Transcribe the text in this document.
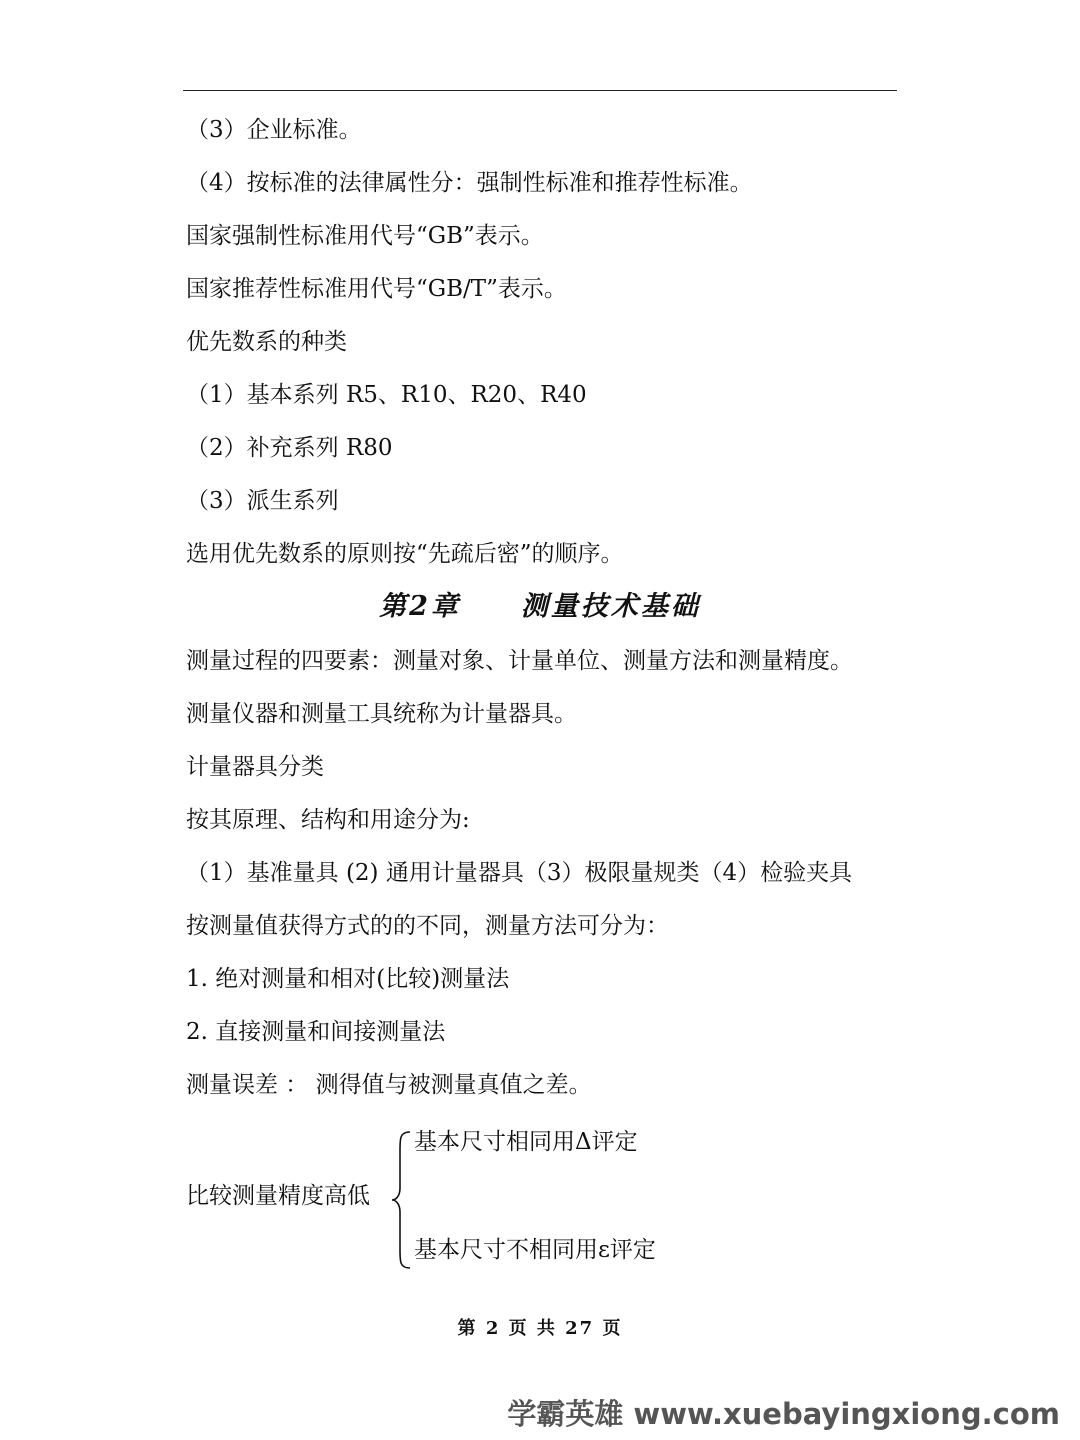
（3）企业标准。
（4）按标准的法律属性分：强制性标准和推荐性标准。
国家强制性标准用代号“GB”表示。
国家推荐性标准用代号“GB/T”表示。
优先数系的种类
（1）基本系列 R5、R10、R20、R40
（2）补充系列 R80
（3）派生系列
选用优先数系的原则按“先疏后密”的顺序。
第2章 测量技术基础
测量过程的四要素：测量对象、计量单位、测量方法和测量精度。
测量仪器和测量工具统称为计量器具。
计量器具分类
按其原理、结构和用途分为:
（1）基准量具 (2) 通用计量器具（3）极限量规类（4）检验夹具
按测量值获得方式的的不同，测量方法可分为：
1. 绝对测量和相对(比较)测量法
2. 直接测量和间接测量法
测量误差 ： 测得值与被测量真值之差。
比较测量精度高低
基本尺寸相同用Δ评定
基本尺寸不相同用ε评定
第 2 页 共 27 页
学霸英雄 www.xuebayingxiong.com
